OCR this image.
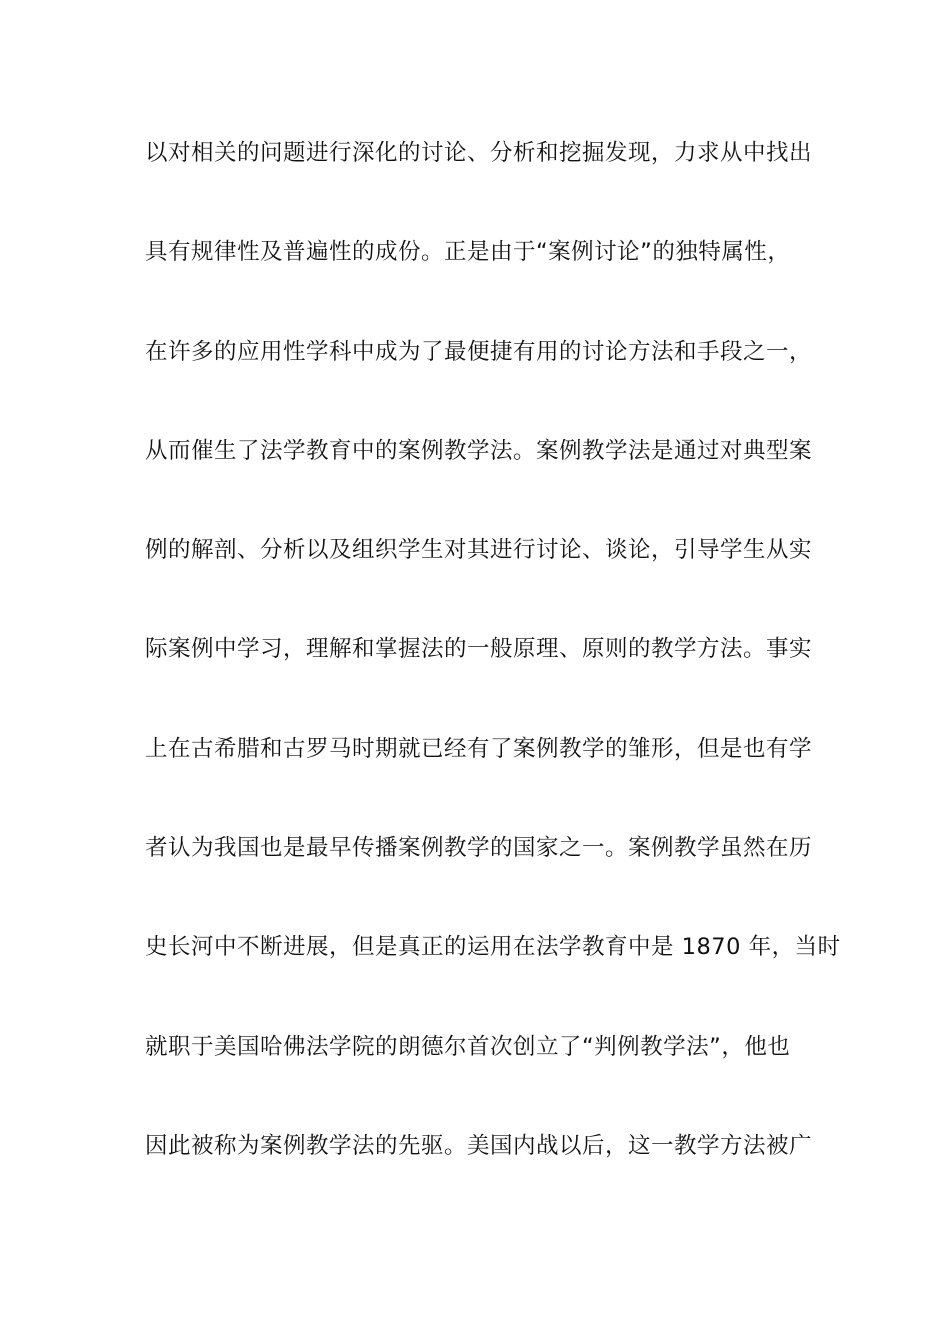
以对相关的问题进行深化的讨论、分析和挖掘发现，力求从中找出
具有规律性及普遍性的成份。正是由于“案例讨论”的独特属性，
在许多的应用性学科中成为了最便捷有用的讨论方法和手段之一，
从而催生了法学教育中的案例教学法。案例教学法是通过对典型案
例的解剖、分析以及组织学生对其进行讨论、谈论，引导学生从实
际案例中学习，理解和掌握法的一般原理、原则的教学方法。事实
上在古希腊和古罗马时期就已经有了案例教学的雏形，但是也有学
者认为我国也是最早传播案例教学的国家之一。案例教学虽然在历
史长河中不断进展，但是真正的运用在法学教育中是 1870 年，当时
就职于美国哈佛法学院的朗德尔首次创立了“判例教学法”，他也
因此被称为案例教学法的先驱。美国内战以后，这一教学方法被广
